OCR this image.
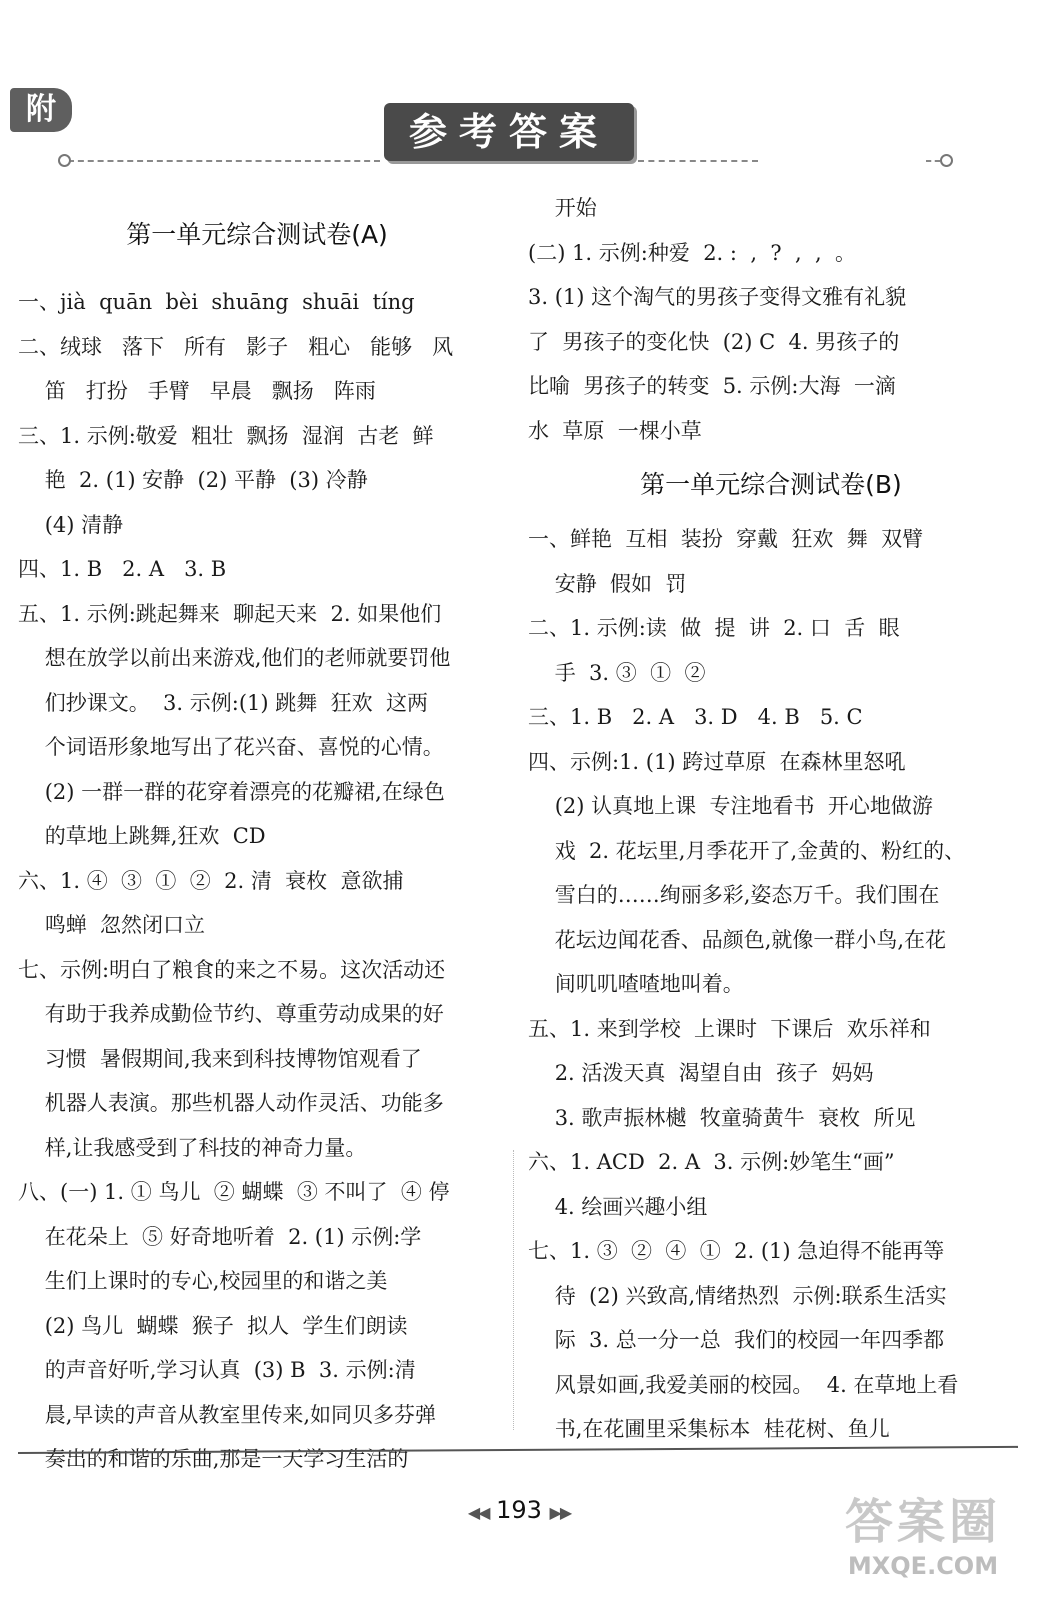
附
参考答案
第一单元综合测试卷(A)
一、jià  quān  bèi  shuāng  shuāi  tíng
二、绒球   落下   所有   影子   粗心   能够   风
笛   打扮   手臂   早晨   飘扬   阵雨
三、1. 示例:敬爱  粗壮  飘扬  湿润  古老  鲜
艳  2. (1) 安静  (2) 平静  (3) 冷静
(4) 清静
四、1. B   2. A   3. B
五、1. 示例:跳起舞来  聊起天来  2. 如果他们
想在放学以前出来游戏,他们的老师就要罚他
们抄课文。  3. 示例:(1) 跳舞  狂欢  这两
个词语形象地写出了花兴奋、喜悦的心情。
(2) 一群一群的花穿着漂亮的花瓣裙,在绿色
的草地上跳舞,狂欢  CD
六、1. ④  ③  ①  ②  2. 清  衰枚  意欲捕
鸣蝉  忽然闭口立
七、示例:明白了粮食的来之不易。这次活动还
有助于我养成勤俭节约、尊重劳动成果的好
习惯  暑假期间,我来到科技博物馆观看了
机器人表演。那些机器人动作灵活、功能多
样,让我感受到了科技的神奇力量。
八、(一) 1. ① 鸟儿  ② 蝴蝶  ③ 不叫了  ④ 停
在花朵上  ⑤ 好奇地听着  2. (1) 示例:学
生们上课时的专心,校园里的和谐之美
(2) 鸟儿  蝴蝶  猴子  拟人  学生们朗读
的声音好听,学习认真  (3) B  3. 示例:清
晨,早读的声音从教室里传来,如同贝多芬弹
奏出的和谐的乐曲,那是一天学习生活的
开始
(二) 1. 示例:种爱  2. :  ,  ?  ,  ,  。
3. (1) 这个淘气的男孩子变得文雅有礼貌
了  男孩子的变化快  (2) C  4. 男孩子的
比喻  男孩子的转变  5. 示例:大海  一滴
水  草原  一棵小草
第一单元综合测试卷(B)
一、鲜艳  互相  装扮  穿戴  狂欢  舞  双臂
安静  假如  罚
二、1. 示例:读  做  提  讲  2. 口  舌  眼
手  3. ③  ①  ②
三、1. B   2. A   3. D   4. B   5. C
四、示例:1. (1) 跨过草原  在森林里怒吼
(2) 认真地上课  专注地看书  开心地做游
戏  2. 花坛里,月季花开了,金黄的、粉红的、
雪白的……绚丽多彩,姿态万千。我们围在
花坛边闻花香、品颜色,就像一群小鸟,在花
间叽叽喳喳地叫着。
五、1. 来到学校  上课时  下课后  欢乐祥和
2. 活泼天真  渴望自由  孩子  妈妈
3. 歌声振林樾  牧童骑黄牛  衰枚  所见
六、1. ACD  2. A  3. 示例:妙笔生“画”
4. 绘画兴趣小组
七、1. ③  ②  ④  ①  2. (1) 急迫得不能再等
待  (2) 兴致高,情绪热烈  示例:联系生活实
际  3. 总一分一总  我们的校园一年四季都
风景如画,我爱美丽的校园。  4. 在草地上看
书,在花圃里采集标本  桂花树、鱼儿
◀◀ 193 ▶▶	答案圈
MXQE.COM
